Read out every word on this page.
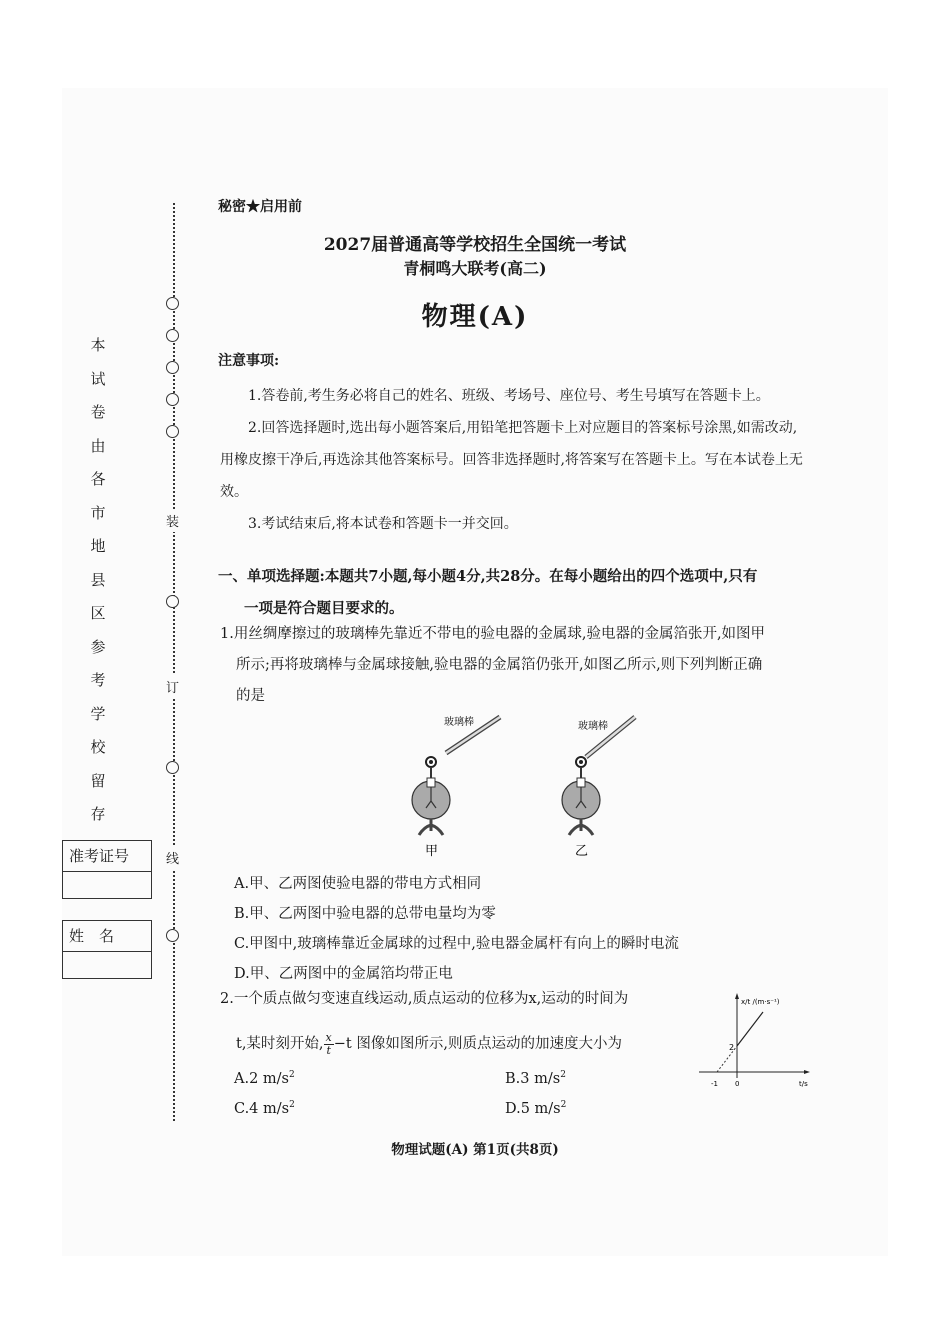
装
订
线
本
试
卷
由
各
市
地
县
区
参
考
学
校
留
存
准考证号
姓　名
秘密★启用前
2027届普通高等学校招生全国统一考试
青桐鸣大联考(高二)
物理(A)
注意事项:
1.答卷前,考生务必将自己的姓名、班级、考场号、座位号、考生号填写在答题卡上。
2.回答选择题时,选出每小题答案后,用铅笔把答题卡上对应题目的答案标号涂黑,如需改动,用橡皮擦干净后,再选涂其他答案标号。回答非选择题时,将答案写在答题卡上。写在本试卷上无效。
3.考试结束后,将本试卷和答题卡一并交回。
一、单项选择题:本题共7小题,每小题4分,共28分。在每小题给出的四个选项中,只有
一项是符合题目要求的。
1.用丝绸摩擦过的玻璃棒先靠近不带电的验电器的金属球,验电器的金属箔张开,如图甲
所示;再将玻璃棒与金属球接触,验电器的金属箔仍张开,如图乙所示,则下列判断正确
的是
玻璃棒
甲
玻璃棒
乙
A.甲、乙两图使验电器的带电方式相同
B.甲、乙两图中验电器的总带电量均为零
C.甲图中,玻璃棒靠近金属球的过程中,验电器金属杆有向上的瞬时电流
D.甲、乙两图中的金属箔均带正电
2.一个质点做匀变速直线运动,质点运动的位移为x,运动的时间为
t,某时刻开始, $\frac{x}{t} -t$ 图像如图所示,则质点运动的加速度大小为
A.2 $m/s^2$	B.3 $m/s^2$
C.4 $m/s^2$	D.5 $m/s^2$
x/t /(m·s⁻¹)
t/s
2
-1 0
物理试题(A) 第1页(共8页)
